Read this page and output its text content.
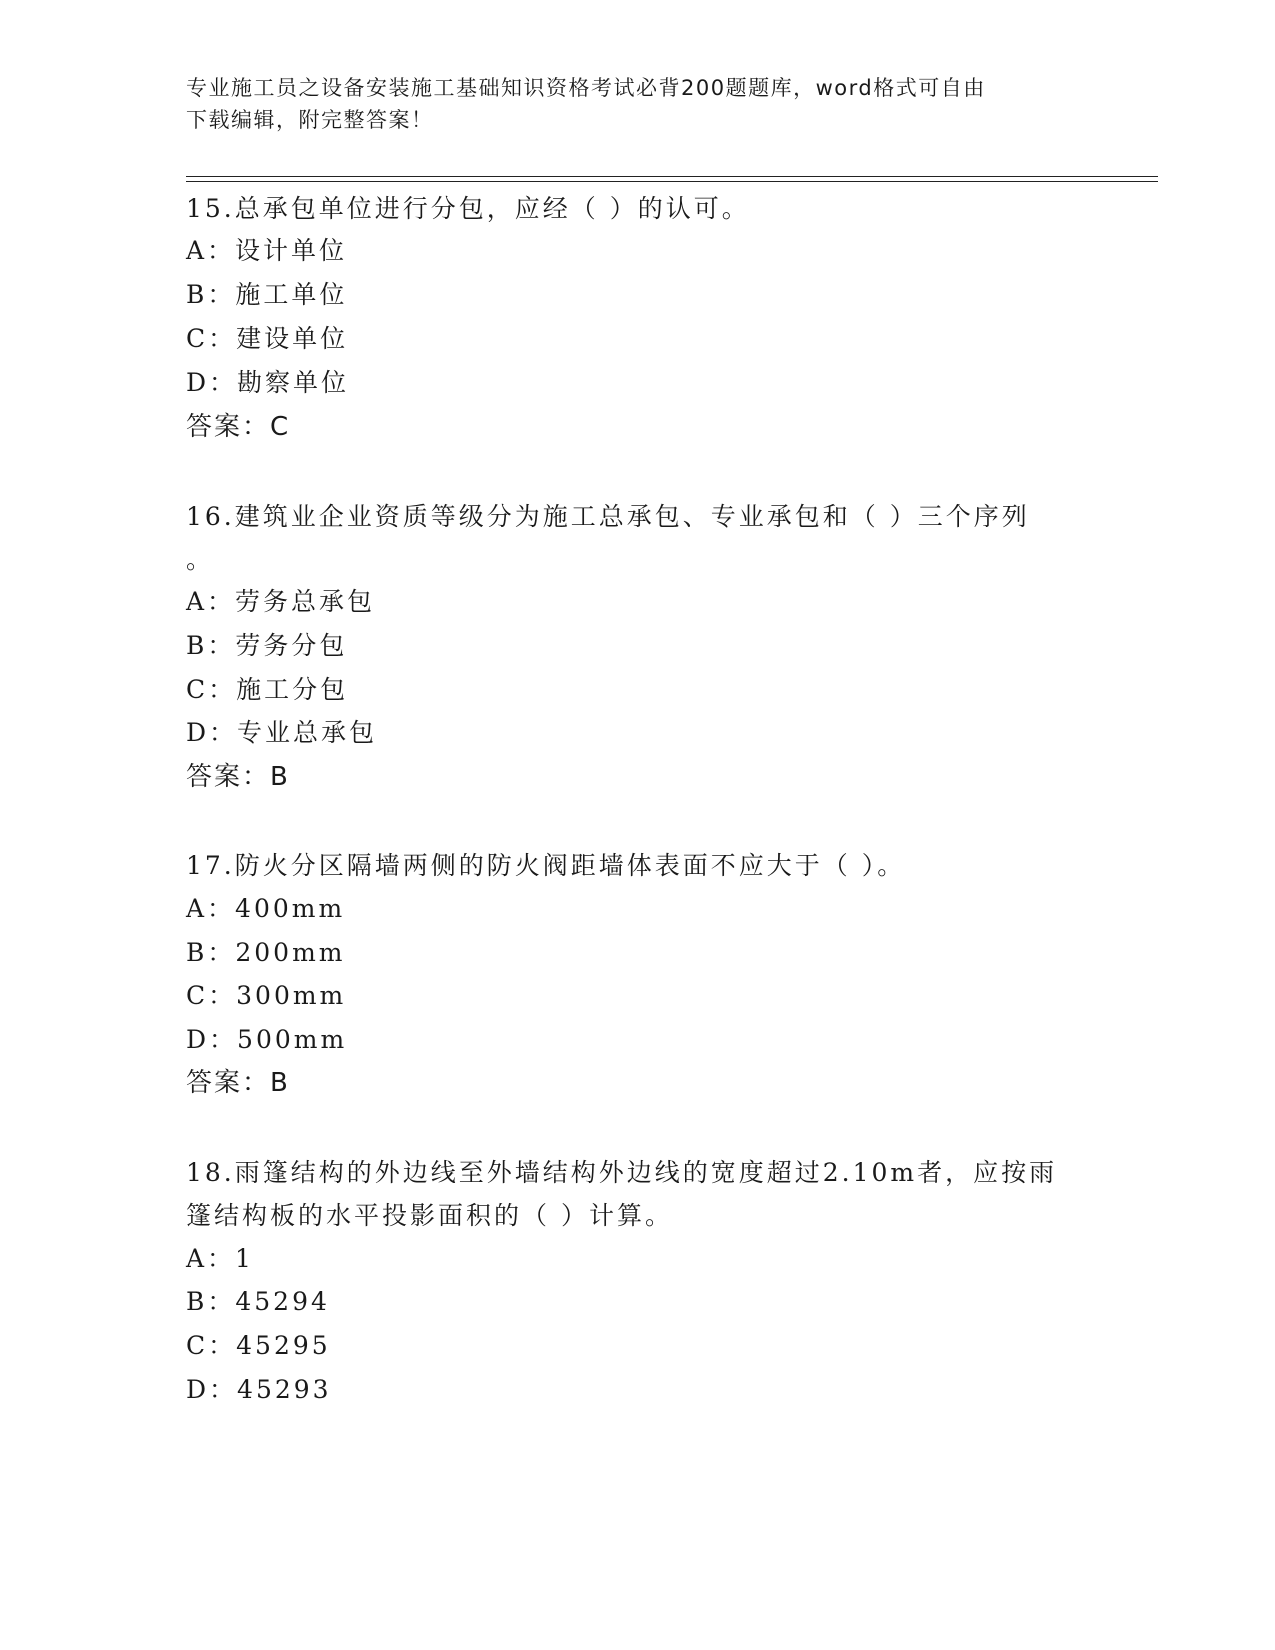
专业施工员之设备安装施工基础知识资格考试必背200题题库，word格式可自由
下载编辑，附完整答案！
15.总承包单位进行分包，应经（ ）的认可。
A：设计单位
B：施工单位
C：建设单位
D：勘察单位
答案：C
16.建筑业企业资质等级分为施工总承包、专业承包和（ ）三个序列
。
A：劳务总承包
B：劳务分包
C：施工分包
D：专业总承包
答案：B
17.防火分区隔墙两侧的防火阀距墙体表面不应大于（ ）。
A：400mm
B：200mm
C：300mm
D：500mm
答案：B
18.雨篷结构的外边线至外墙结构外边线的宽度超过2.10m者，应按雨
篷结构板的水平投影面积的（ ）计算。
A：1
B：45294
C：45295
D：45293
